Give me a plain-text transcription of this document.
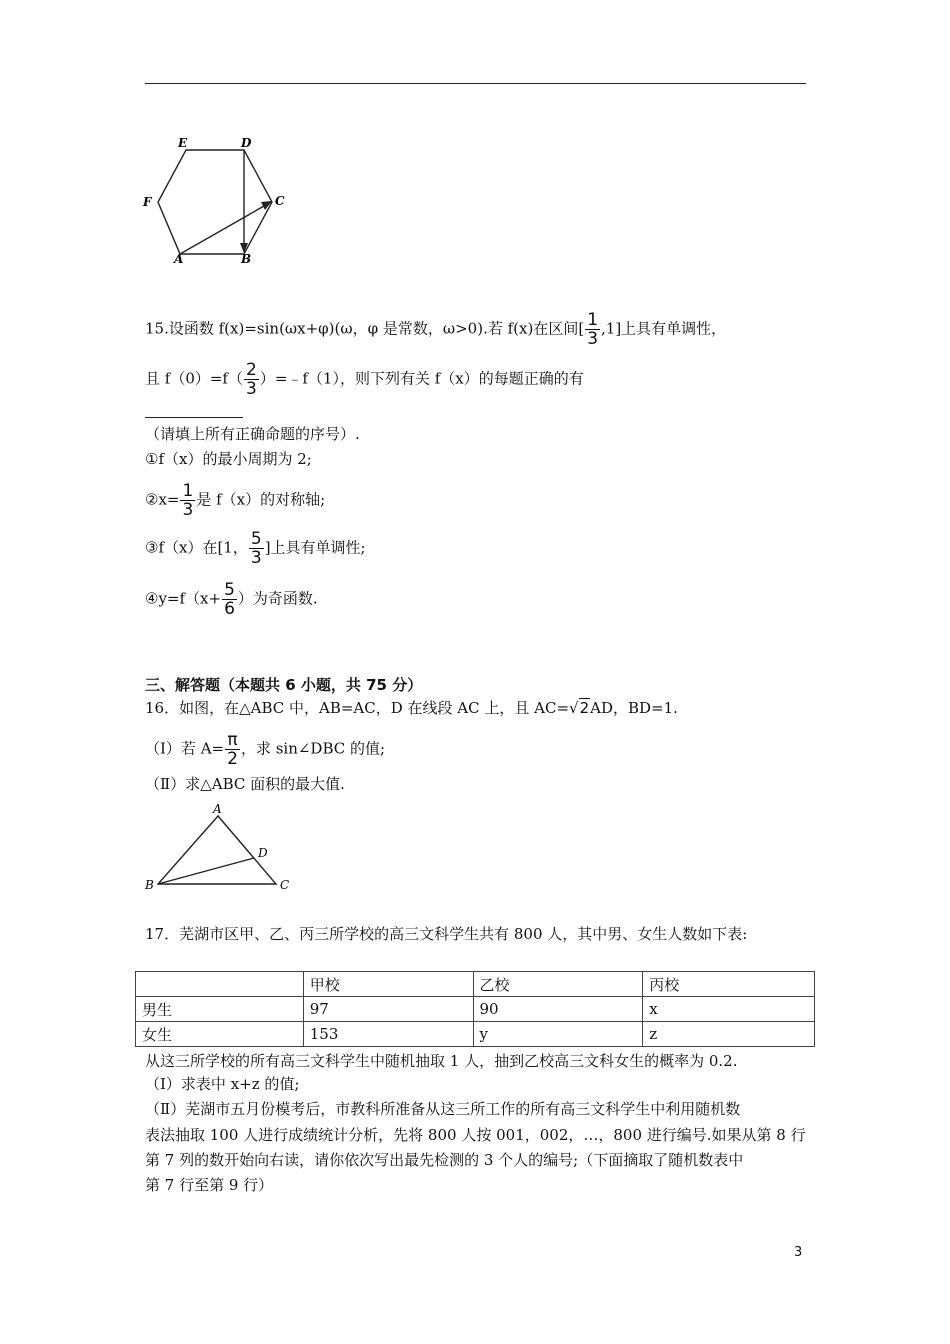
E	D
F	C
A	B
15.设函数 f(x)=sin(ωx+φ)(ω，φ 是常数，ω>0).若 f(x)在区间[ $\frac{1}{3} ,1$]上具有单调性，
且 $f(0)=f( \frac{2}{3}$ ）=﹣f（1），则下列有关 f（x）的每题正确的有
（请填上所有正确命题的序号）.
①f（x）的最小周期为 2;
②x= $\frac{1}{3}$ 是 f（x）的对称轴;
③f（x）在[1， $\frac{5}{3}$ ]上具有单调性;
④y=f（x+ $\frac{5}{6}$ ）为奇函数.
三、解答题（本题共 6 小题，共 75 分）
16．如图，在△ABC 中，AB=AC，D 在线段 AC 上，且 AC=√2AD，BD=1.
（Ⅰ）若 $A= \frac{\pi}{2}$ ，求 sin∠DBC 的值;
（Ⅱ）求△ABC 面积的最大值.
A
B	C
D
17．芜湖市区甲、乙、丙三所学校的高三文科学生共有 800 人，其中男、女生人数如下表:
	甲校	乙校	丙校
男生	97	90	x
女生	153	y	z
从这三所学校的所有高三文科学生中随机抽取 1 人，抽到乙校高三文科女生的概率为 0.2.
（Ⅰ）求表中 x+z 的值;
（Ⅱ）芜湖市五月份模考后，市教科所准备从这三所工作的所有高三文科学生中利用随机数
表法抽取 100 人进行成绩统计分析，先将 800 人按 001，002，…，800 进行编号.如果从第 8 行
第 7 列的数开始向右读，请你依次写出最先检测的 3 个人的编号;（下面摘取了随机数表中
第 7 行至第 9 行）
3
